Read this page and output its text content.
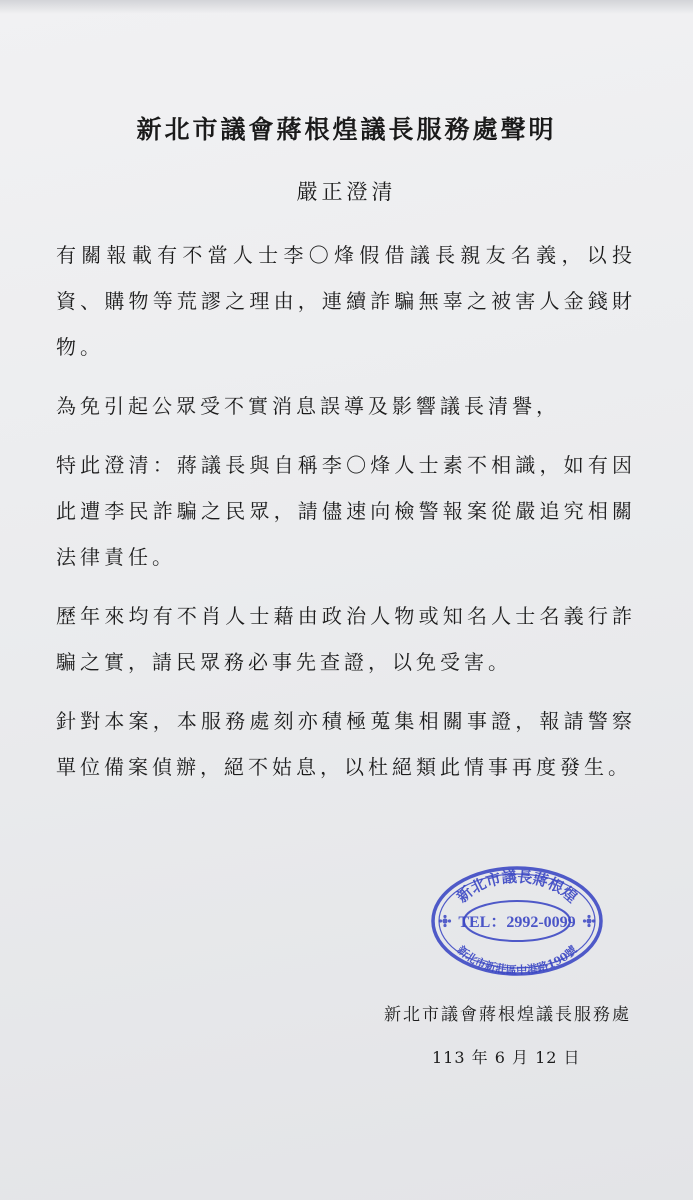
新北市議會蔣根煌議長服務處聲明
嚴正澄清

有關報載有不當人士李〇烽假借議長親友名義，以投資、購物等荒謬之理由，連續詐騙無辜之被害人金錢財物。

為免引起公眾受不實消息誤導及影響議長清譽，

特此澄清：蔣議長與自稱李〇烽人士素不相識，如有因此遭李民詐騙之民眾，請儘速向檢警報案從嚴追究相關法律責任。

歷年來均有不肖人士藉由政治人物或知名人士名義行詐騙之實，請民眾務必事先查證，以免受害。

針對本案，本服務處刻亦積極蒐集相關事證，報請警察單位備案偵辦，絕不姑息，以杜絕類此情事再度發生。

新北市議長蔣根煌
TEL：2992-0099
新北市新莊區中港路190號
新北市議會蔣根煌議長服務處
113 年 6 月 12 日
